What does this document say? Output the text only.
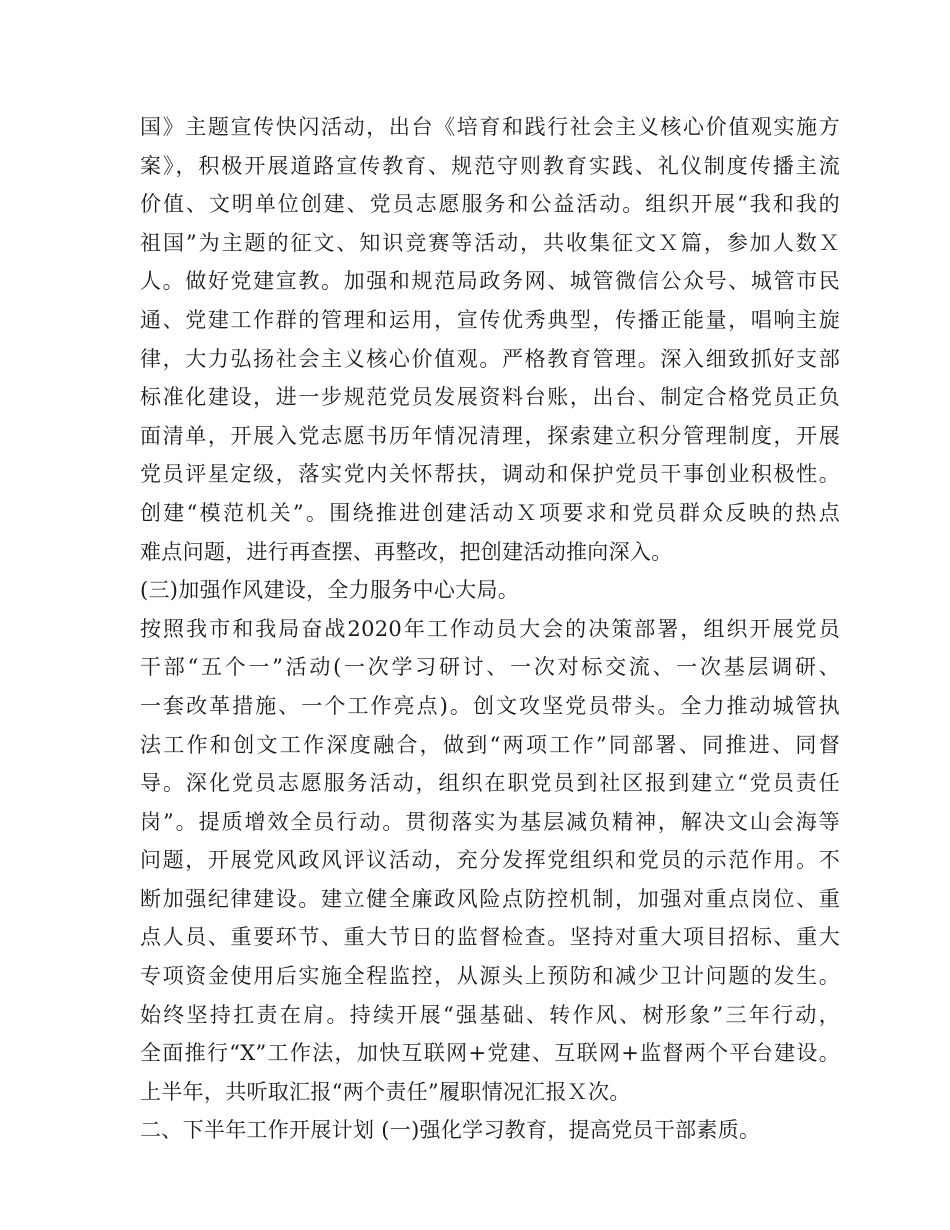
国》主题宣传快闪活动，出台《培育和践行社会主义核心价值观实施方
案》，积极开展道路宣传教育、规范守则教育实践、礼仪制度传播主流
价值、文明单位创建、党员志愿服务和公益活动。组织开展“我和我的
祖国”为主题的征文、知识竞赛等活动，共收集征文Ｘ篇，参加人数Ｘ
人。做好党建宣教。加强和规范局政务网、城管微信公众号、城管市民
通、党建工作群的管理和运用，宣传优秀典型，传播正能量，唱响主旋
律，大力弘扬社会主义核心价值观。严格教育管理。深入细致抓好支部
标准化建设，进一步规范党员发展资料台账，出台、制定合格党员正负
面清单，开展入党志愿书历年情况清理，探索建立积分管理制度，开展
党员评星定级，落实党内关怀帮扶，调动和保护党员干事创业积极性。
创建“模范机关”。围绕推进创建活动Ｘ项要求和党员群众反映的热点
难点问题，进行再查摆、再整改，把创建活动推向深入。
(三)加强作风建设，全力服务中心大局。
按照我市和我局奋战2020年工作动员大会的决策部署，组织开展党员
干部“五个一”活动(一次学习研讨、一次对标交流、一次基层调研、
一套改革措施、一个工作亮点)。创文攻坚党员带头。全力推动城管执
法工作和创文工作深度融合，做到“两项工作”同部署、同推进、同督
导。深化党员志愿服务活动，组织在职党员到社区报到建立“党员责任
岗”。提质增效全员行动。贯彻落实为基层减负精神，解决文山会海等
问题，开展党风政风评议活动，充分发挥党组织和党员的示范作用。不
断加强纪律建设。建立健全廉政风险点防控机制，加强对重点岗位、重
点人员、重要环节、重大节日的监督检查。坚持对重大项目招标、重大
专项资金使用后实施全程监控，从源头上预防和减少卫计问题的发生。
始终坚持扛责在肩。持续开展“强基础、转作风、树形象”三年行动，
全面推行“X”工作法，加快互联网+党建、互联网+监督两个平台建设。
上半年，共听取汇报“两个责任”履职情况汇报Ｘ次。
二、下半年工作开展计划 (一)强化学习教育，提高党员干部素质。
